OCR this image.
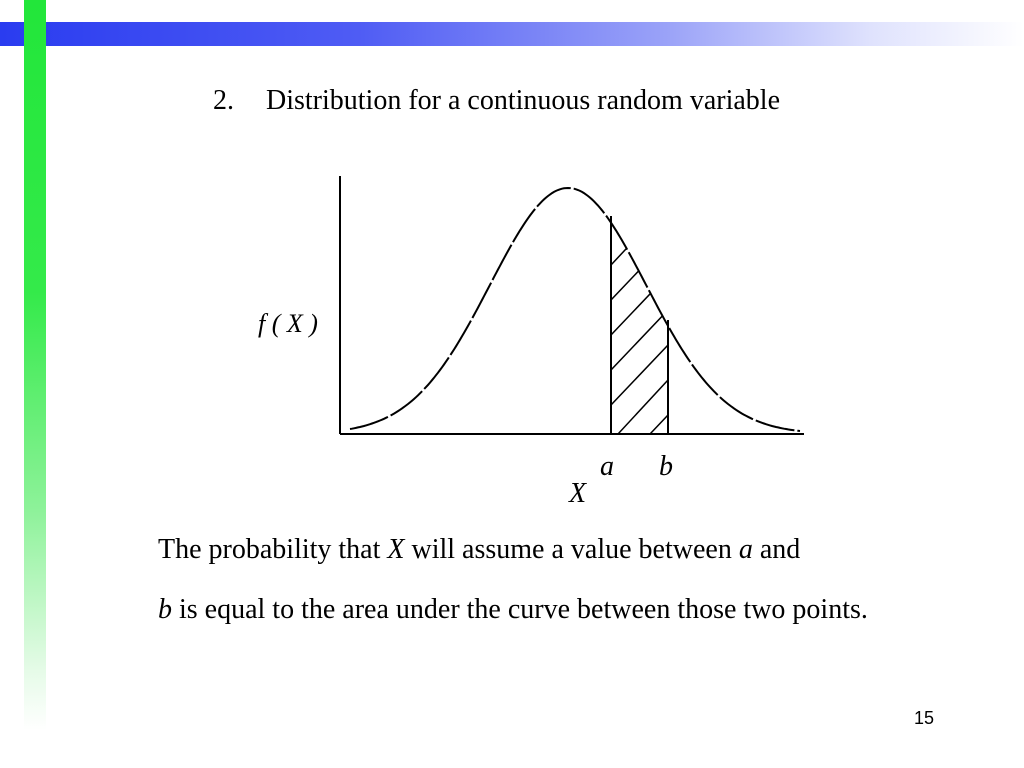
2. Distribution for a continuous random variable
f ( X )
a b
X
The probability that X will assume a value between a and
b is equal to the area under the curve between those two points.
15
